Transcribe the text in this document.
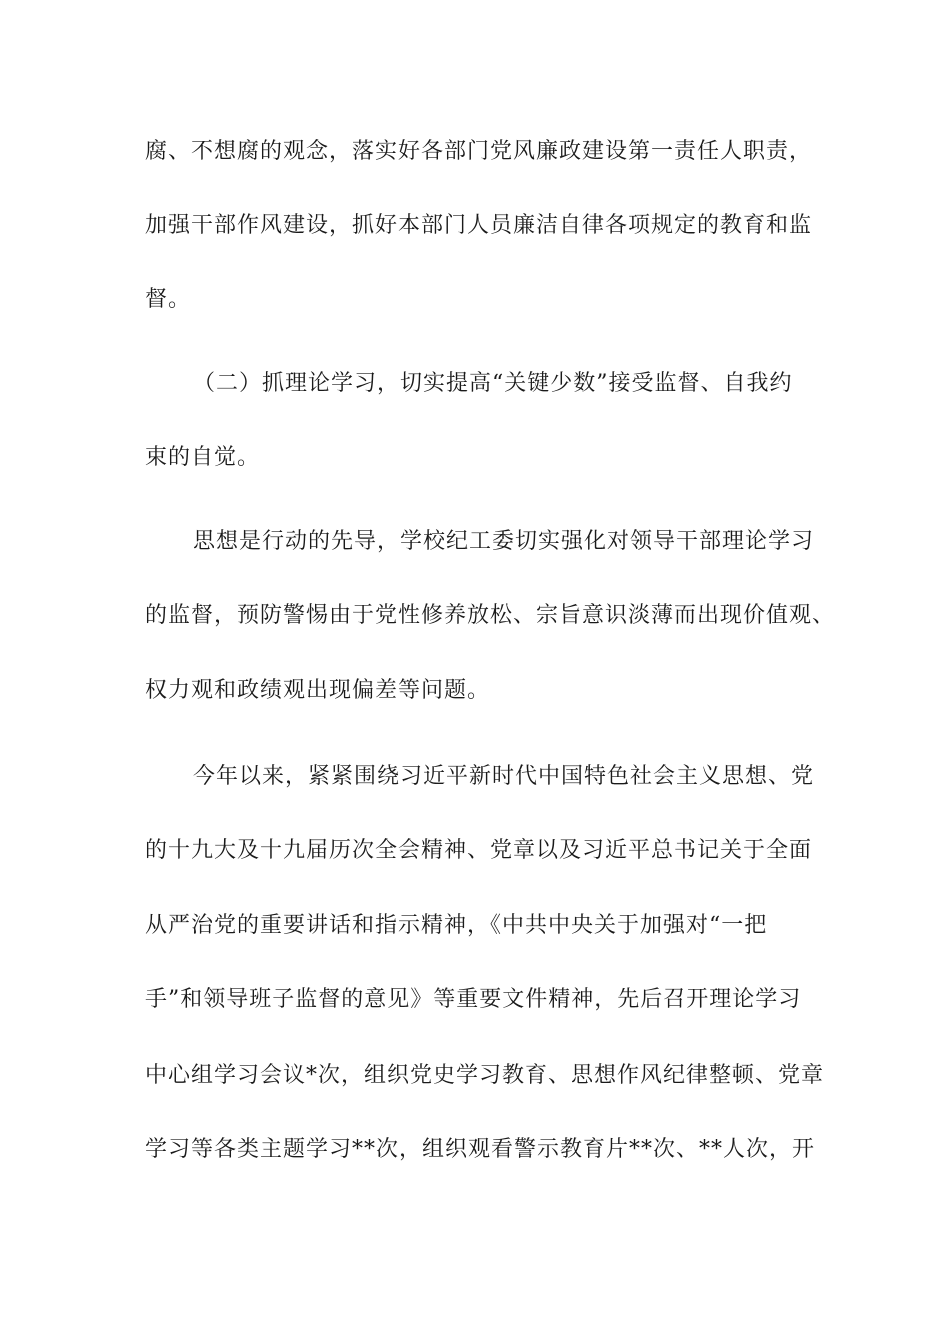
腐、不想腐的观念，落实好各部门党风廉政建设第一责任人职责，
加强干部作风建设，抓好本部门人员廉洁自律各项规定的教育和监
督。
（二）抓理论学习，切实提高“关键少数”接受监督、自我约
束的自觉。
思想是行动的先导，学校纪工委切实强化对领导干部理论学习
的监督，预防警惕由于党性修养放松、宗旨意识淡薄而出现价值观、
权力观和政绩观出现偏差等问题。
今年以来，紧紧围绕习近平新时代中国特色社会主义思想、党
的十九大及十九届历次全会精神、党章以及习近平总书记关于全面
从严治党的重要讲话和指示精神，《中共中央关于加强对“一把
手”和领导班子监督的意见》等重要文件精神，先后召开理论学习
中心组学习会议*次，组织党史学习教育、思想作风纪律整顿、党章
学习等各类主题学习**次，组织观看警示教育片**次、**人次，开
